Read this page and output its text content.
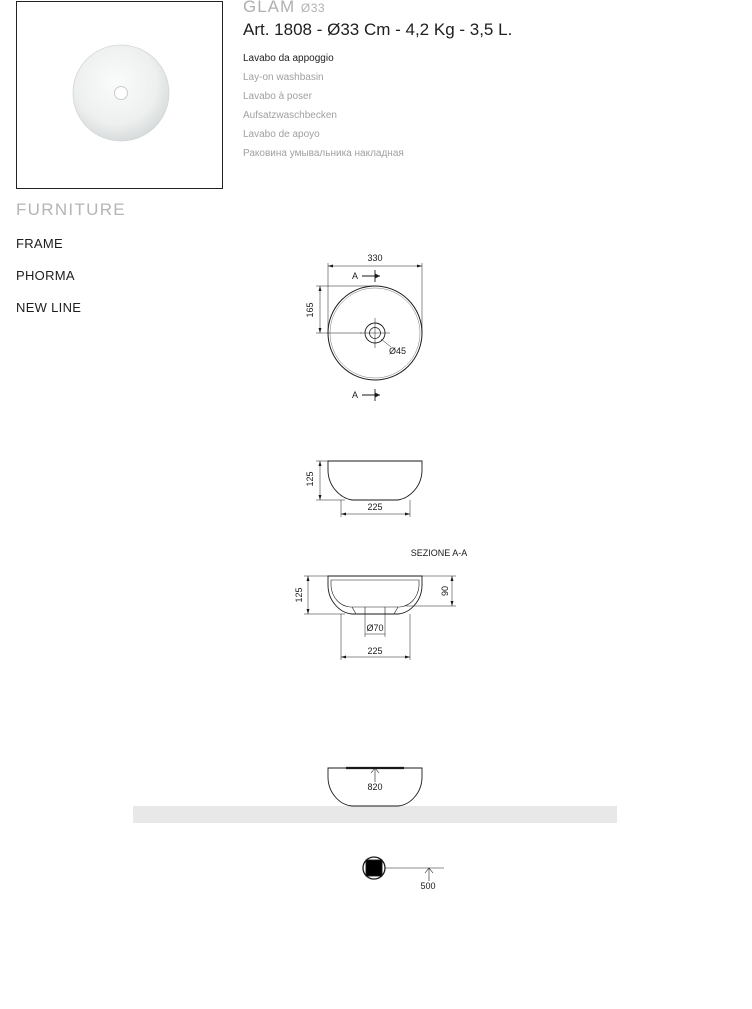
GLAM Ø33
Art. 1808 - Ø33 Cm - 4,2 Kg - 3,5 L.
Lavabo da appoggio
Lay-on washbasin
Lavabo à poser
Aufsatzwaschbecken
Lavabo de apoyo
Раковина умывальника накладная
FURNITURE
FRAME
PHORMA
NEW LINE
330
165
Ø45
A
A
125
225
SEZIONE A-A
125	90
Ø70
225
820
500
